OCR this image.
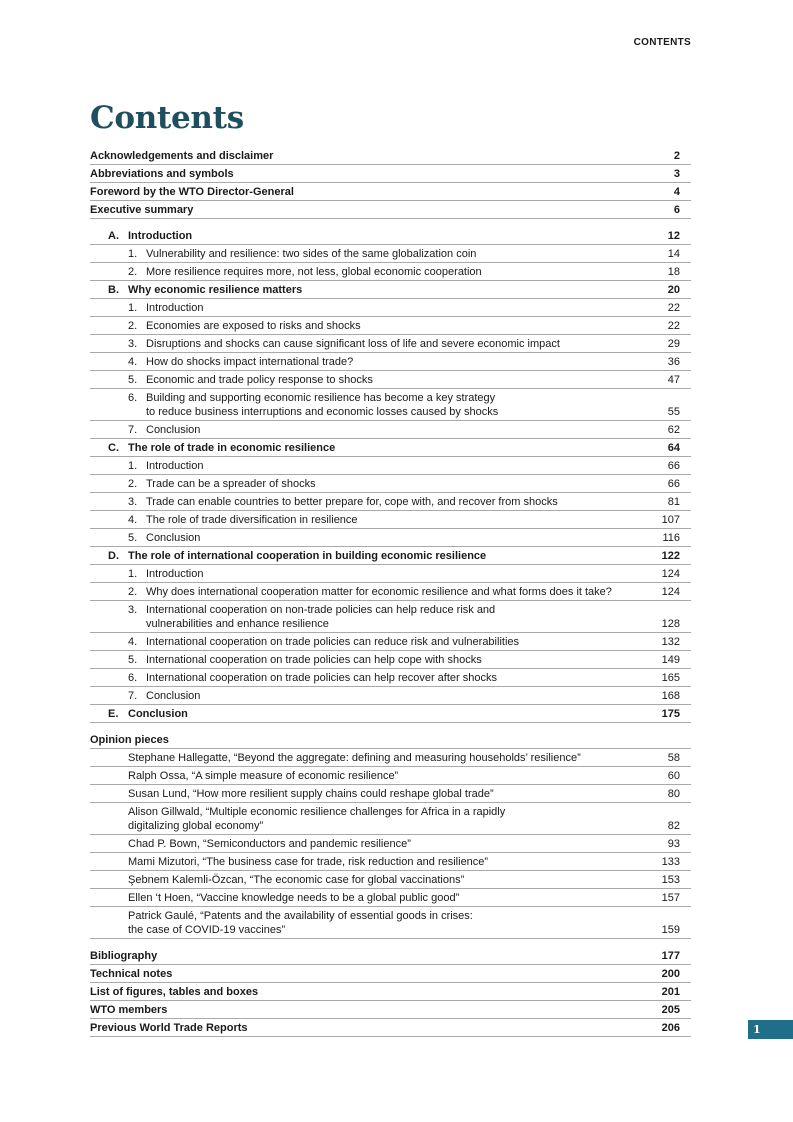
CONTENTS
Contents
Acknowledgements and disclaimer	2
Abbreviations and symbols	3
Foreword by the WTO Director-General	4
Executive summary	6
A. Introduction	12
1. Vulnerability and resilience: two sides of the same globalization coin	14
2. More resilience requires more, not less, global economic cooperation	18
B. Why economic resilience matters	20
1. Introduction	22
2. Economies are exposed to risks and shocks	22
3. Disruptions and shocks can cause significant loss of life and severe economic impact	29
4. How do shocks impact international trade?	36
5. Economic and trade policy response to shocks	47
6. Building and supporting economic resilience has become a key strategy
to reduce business interruptions and economic losses caused by shocks	55
7. Conclusion	62
C. The role of trade in economic resilience	64
1. Introduction	66
2. Trade can be a spreader of shocks	66
3. Trade can enable countries to better prepare for, cope with, and recover from shocks	81
4. The role of trade diversification in resilience	107
5. Conclusion	116
D. The role of international cooperation in building economic resilience	122
1. Introduction	124
2. Why does international cooperation matter for economic resilience and what forms does it take?	124
3. International cooperation on non-trade policies can help reduce risk and
vulnerabilities and enhance resilience	128
4. International cooperation on trade policies can reduce risk and vulnerabilities	132
5. International cooperation on trade policies can help cope with shocks	149
6. International cooperation on trade policies can help recover after shocks	165
7. Conclusion	168
E. Conclusion	175
Opinion pieces
Stephane Hallegatte, “Beyond the aggregate: defining and measuring households’ resilience”	58
Ralph Ossa, “A simple measure of economic resilience”	60
Susan Lund, “How more resilient supply chains could reshape global trade”	80
Alison Gillwald, “Multiple economic resilience challenges for Africa in a rapidly
digitalizing global economy”	82
Chad P. Bown, “Semiconductors and pandemic resilience”	93
Mami Mizutori, “The business case for trade, risk reduction and resilience”	133
Şebnem Kalemli-Özcan, “The economic case for global vaccinations”	153
Ellen ‘t Hoen, “Vaccine knowledge needs to be a global public good”	157
Patrick Gaulé, “Patents and the availability of essential goods in crises:
the case of COVID-19 vaccines”	159
Bibliography	177
Technical notes	200
List of figures, tables and boxes	201
WTO members	205
Previous World Trade Reports	206	1
